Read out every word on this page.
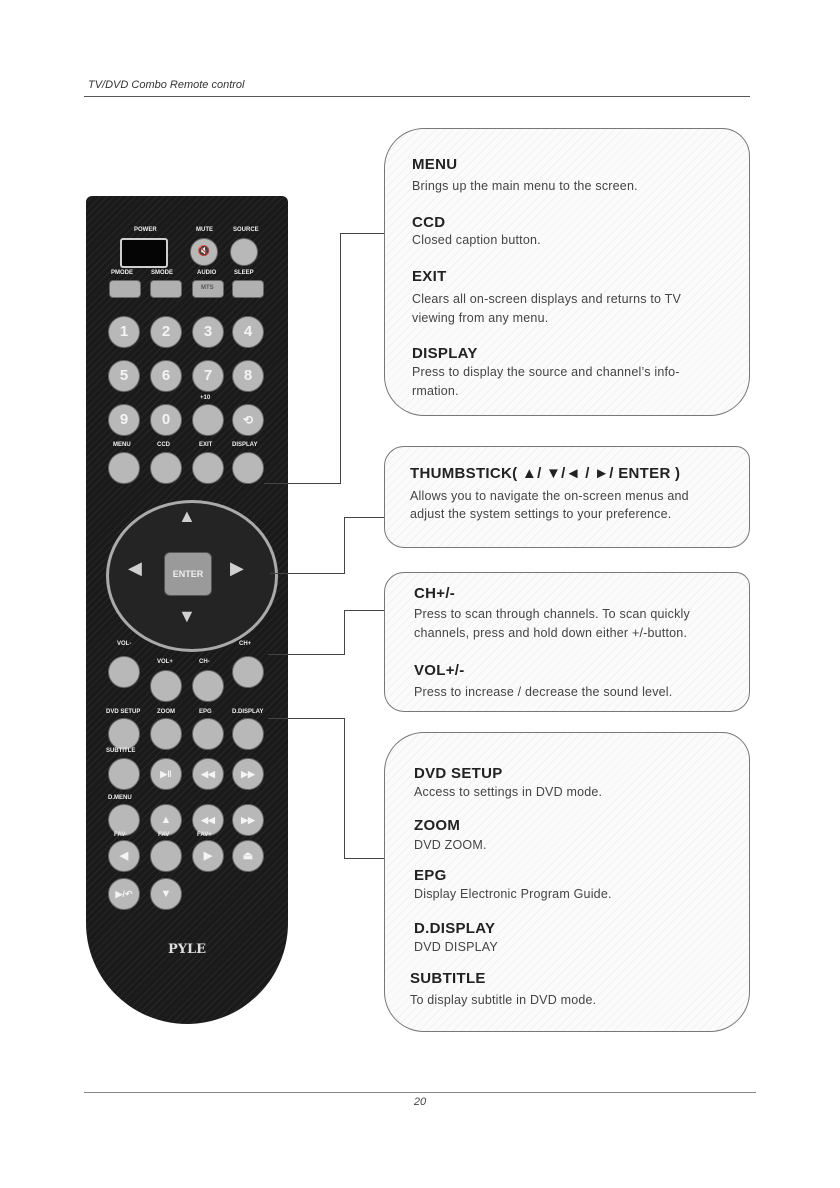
TV/DVD Combo Remote control
POWER	MUTE	SOURCE
🔇
PMODE	SMODE	AUDIO	SLEEP
MTS
1	2	3	4
5	6	7	8
+10
9	0	⟲
MENU	CCD	EXIT	DISPLAY
▲
▼
◀	▶
ENTER
VOL-	CH+
VOL+	CH-
DVD SETUP	ZOOM	EPG	D.DISPLAY
SUBTITLE
▶‖	◀◀	▶▶
D.MENU
▲	◀◀	▶▶
FAV-	FAV	FAV+
◀	▶	⏏
▶/↶	▼
PYLE
MENU
Brings up the main menu to the screen.
CCD
Closed caption button.
EXIT
Clears all on-screen displays and returns to TV
viewing from any menu.
DISPLAY
Press to display the source and channel’s info-
rmation.
THUMBSTICK( ▲/ ▼/◄ / ►/ ENTER )
Allows you to navigate the on-screen menus and
adjust the system settings to your preference.
CH+/-
Press to scan through channels. To scan quickly
channels, press and hold down either +/-button.
VOL+/-
Press to increase / decrease the sound level.
DVD SETUP
Access to settings in DVD mode.
ZOOM
DVD ZOOM.
EPG
Display Electronic Program Guide.
D.DISPLAY
DVD DISPLAY
SUBTITLE
To display subtitle in DVD mode.
20
